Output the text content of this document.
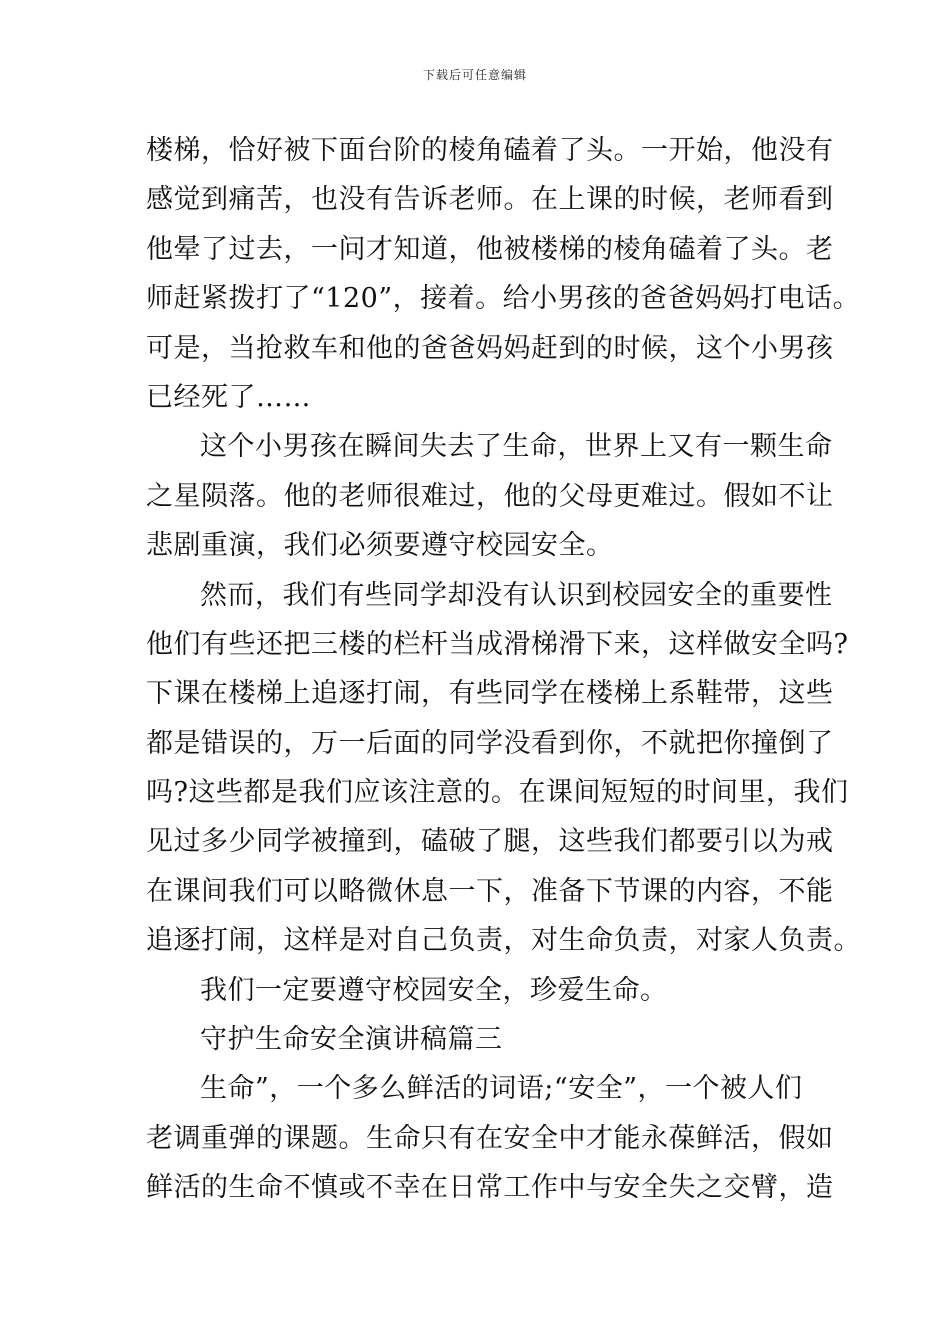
下载后可任意编辑
楼梯，恰好被下面台阶的棱角磕着了头。一开始，他没有
感觉到痛苦，也没有告诉老师。在上课的时候，老师看到
他晕了过去，一问才知道，他被楼梯的棱角磕着了头。老
师赶紧拨打了“120”，接着。给小男孩的爸爸妈妈打电话。
可是，当抢救车和他的爸爸妈妈赶到的时候，这个小男孩
已经死了……
这个小男孩在瞬间失去了生命，世界上又有一颗生命
之星陨落。他的老师很难过，他的父母更难过。假如不让
悲剧重演，我们必须要遵守校园安全。
然而，我们有些同学却没有认识到校园安全的重要性
他们有些还把三楼的栏杆当成滑梯滑下来，这样做安全吗?
下课在楼梯上追逐打闹，有些同学在楼梯上系鞋带，这些
都是错误的，万一后面的同学没看到你，不就把你撞倒了
吗?这些都是我们应该注意的。在课间短短的时间里，我们
见过多少同学被撞到，磕破了腿，这些我们都要引以为戒
在课间我们可以略微休息一下，准备下节课的内容，不能
追逐打闹，这样是对自己负责，对生命负责，对家人负责。
我们一定要遵守校园安全，珍爱生命。
守护生命安全演讲稿篇三
生命”，一个多么鲜活的词语;“安全”，一个被人们
老调重弹的课题。生命只有在安全中才能永葆鲜活，假如
鲜活的生命不慎或不幸在日常工作中与安全失之交臂，造
